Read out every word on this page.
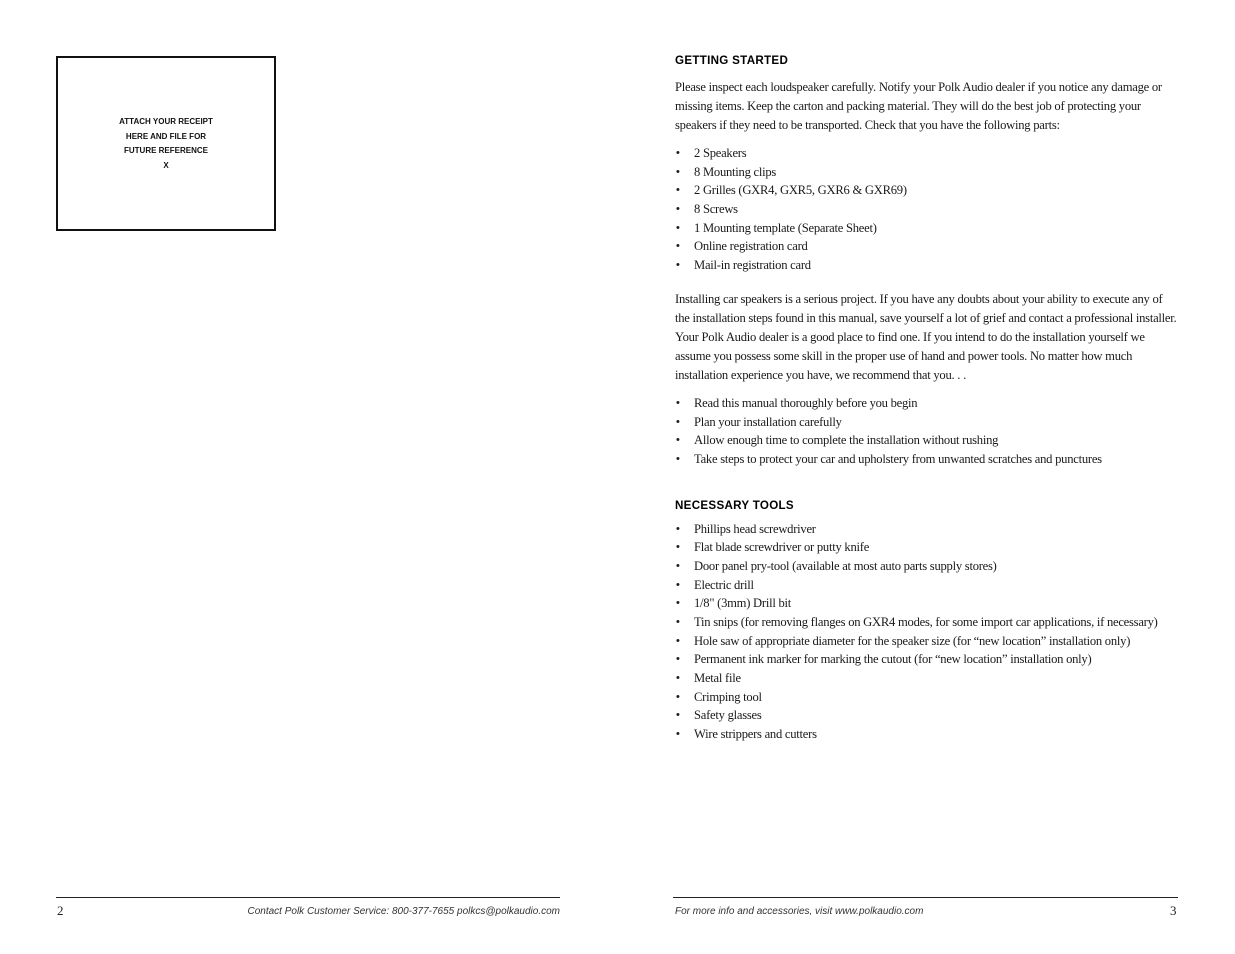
ATTACH YOUR RECEIPT
HERE AND FILE FOR
FUTURE REFERENCE
X
GETTING STARTED

Please inspect each loudspeaker carefully. Notify your Polk Audio dealer if you notice any damage or missing items. Keep the carton and packing material. They will do the best job of protecting your speakers if they need to be transported. Check that you have the following parts:

• 2 Speakers
• 8 Mounting clips
• 2 Grilles (GXR4, GXR5, GXR6 & GXR69)
• 8 Screws
• 1 Mounting template (Separate Sheet)
• Online registration card
• Mail-in registration card

Installing car speakers is a serious project. If you have any doubts about your ability to execute any of the installation steps found in this manual, save yourself a lot of grief and contact a professional installer. Your Polk Audio dealer is a good place to find one. If you intend to do the installation yourself we assume you possess some skill in the proper use of hand and power tools. No matter how much installation experience you have, we recommend that you. . .

• Read this manual thoroughly before you begin
• Plan your installation carefully
• Allow enough time to complete the installation without rushing
• Take steps to protect your car and upholstery from unwanted scratches and punctures
NECESSARY TOOLS
• Phillips head screwdriver
• Flat blade screwdriver or putty knife
• Door panel pry-tool (available at most auto parts supply stores)
• Electric drill
• 1/8" (3mm) Drill bit
• Tin snips (for removing flanges on GXR4 modes, for some import car applications, if necessary)
• Hole saw of appropriate diameter for the speaker size (for “new location” installation only)
• Permanent ink marker for marking the cutout (for “new location” installation only)
• Metal file
• Crimping tool
• Safety glasses
• Wire strippers and cutters
2	Contact Polk Customer Service: 800-377-7655 polkcs@polkaudio.com	For more info and accessories, visit www.polkaudio.com	3
